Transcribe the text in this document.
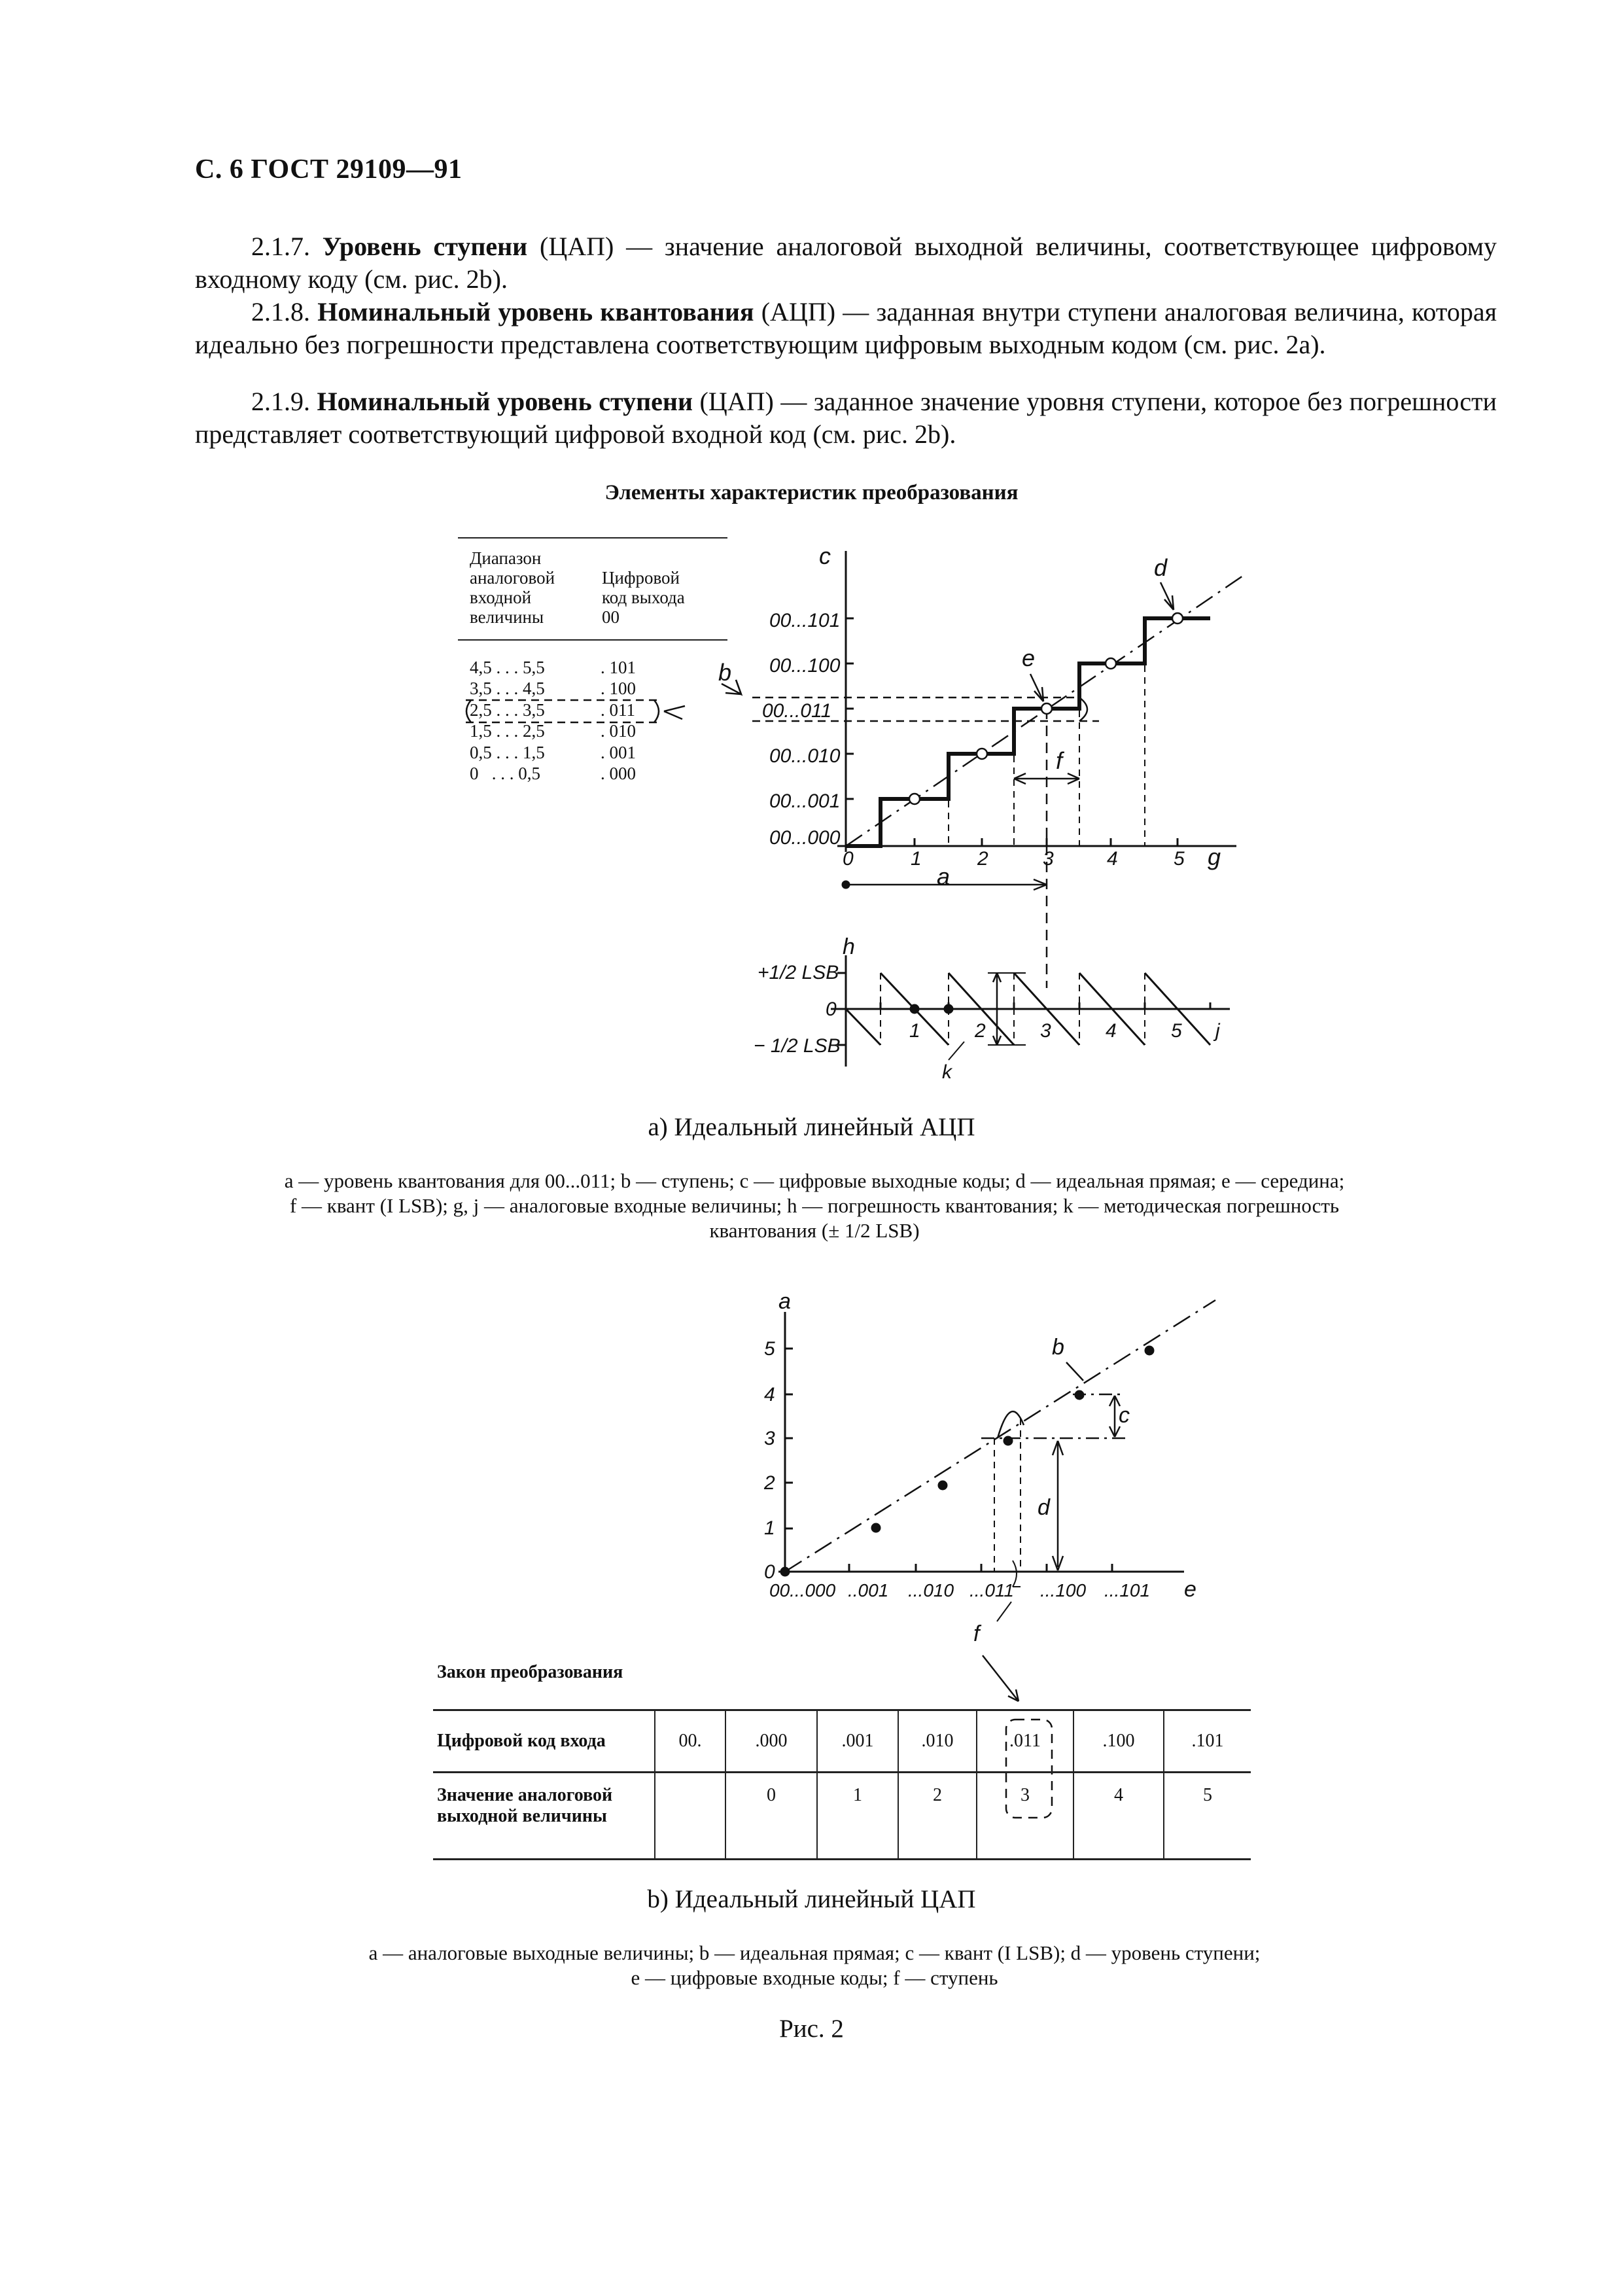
С. 6 ГОСТ 29109—91
2.1.7. Уровень ступени (ЦАП) — значение аналоговой выходной величины, соответствующее цифровому входному коду (см. рис. 2b).
2.1.8. Номинальный уровень квантования (АЦП) — заданная внутри ступени аналоговая величина, которая идеально без погрешности представлена соответствующим цифровым выходным кодом (см. рис. 2a).
2.1.9. Номинальный уровень ступени (ЦАП) — заданное значение уровня ступени, которое без погрешности представляет соответствующий цифровой входной код (см. рис. 2b).
Элементы характеристик преобразования
Диапазон
аналоговой
входной
величины
Цифровой
код выхода
00
4,5 . . . 5,5	. 101
3,5 . . . 4,5	. 100
2,5 . . . 3,5	. 011
1,5 . . . 2,5	. 010
0,5 . . . 1,5	. 001
0   . . . 0,5	. 000
c
00...101
00...100
00...011
00...010
00...001
00...000
0	1	2	3	4	5 g
a
b
d
e
f
h
+1/2 LSB
0
− 1/2 LSB
1	2	3	4	5 j
k
a
0
1
2
3
4
5
00...000 ..001 ...010 ...011 ...100 ...101 e
b
c
d
f
а) Идеальный линейный АЦП
a — уровень квантования для 00...011; b — ступень; c — цифровые выходные коды; d — идеальная прямая; e — середина;
f — квант (I LSB); g, j — аналоговые входные величины; h — погрешность квантования; k — методическая погрешность
квантования (± 1/2 LSB)
Закон преобразования
Цифровой код входа	00.	.000	.001	.010	.011	.100	.101

Значение аналоговой
выходной величины		0	1	2	3	4	5
b) Идеальный линейный ЦАП
a — аналоговые выходные величины; b — идеальная прямая; c — квант (I LSB); d — уровень ступени;
e — цифровые входные коды; f — ступень
Рис. 2
